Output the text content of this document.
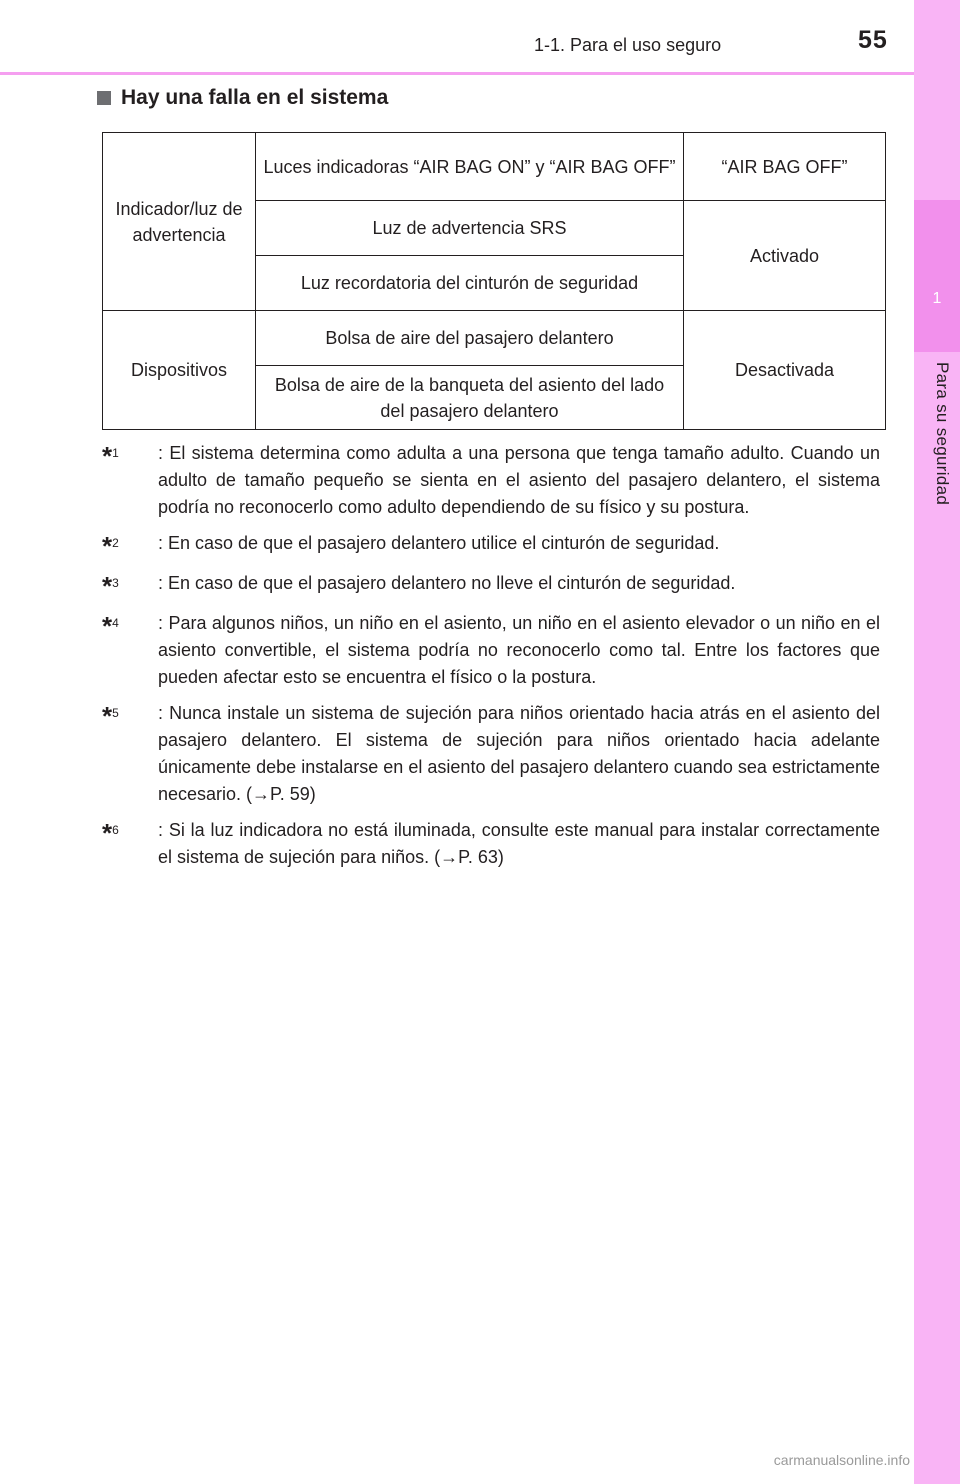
55
1-1. Para el uso seguro
1
Para su seguridad
Hay una falla en el sistema
Indicador/luz de advertencia	Luces indicadoras “AIR BAG ON” y “AIR BAG OFF”	“AIR BAG OFF”
	Luz de advertencia SRS	Activado
	Luz recordatoria del cinturón de seguridad	
Dispositivos	Bolsa de aire del pasajero delantero	Desactivada
	Bolsa de aire de la banqueta del asiento del lado del pasajero delantero	
*$^1$	: El sistema determina como adulta a una persona que tenga tamaño adulto. Cuando un adulto de tamaño pequeño se sienta en el asiento del pasajero delantero, el sistema podría no reconocerlo como adulto dependiendo de su físico y su postura.
*$^2$	: En caso de que el pasajero delantero utilice el cinturón de seguridad.
*$^3$	: En caso de que el pasajero delantero no lleve el cinturón de seguridad.
*$^4$	: Para algunos niños, un niño en el asiento, un niño en el asiento elevador o un niño en el asiento convertible, el sistema podría no reconocerlo como tal. Entre los factores que pueden afectar esto se encuentra el físico o la postura.
*$^5$	: Nunca instale un sistema de sujeción para niños orientado hacia atrás en el asiento del pasajero delantero. El sistema de sujeción para niños orientado hacia adelante únicamente debe instalarse en el asiento del pasajero delantero cuando sea estrictamente necesario. (→P. 59)
*$^6$	: Si la luz indicadora no está iluminada, consulte este manual para instalar correctamente el sistema de sujeción para niños. (→P. 63)
carmanualsonline.info
